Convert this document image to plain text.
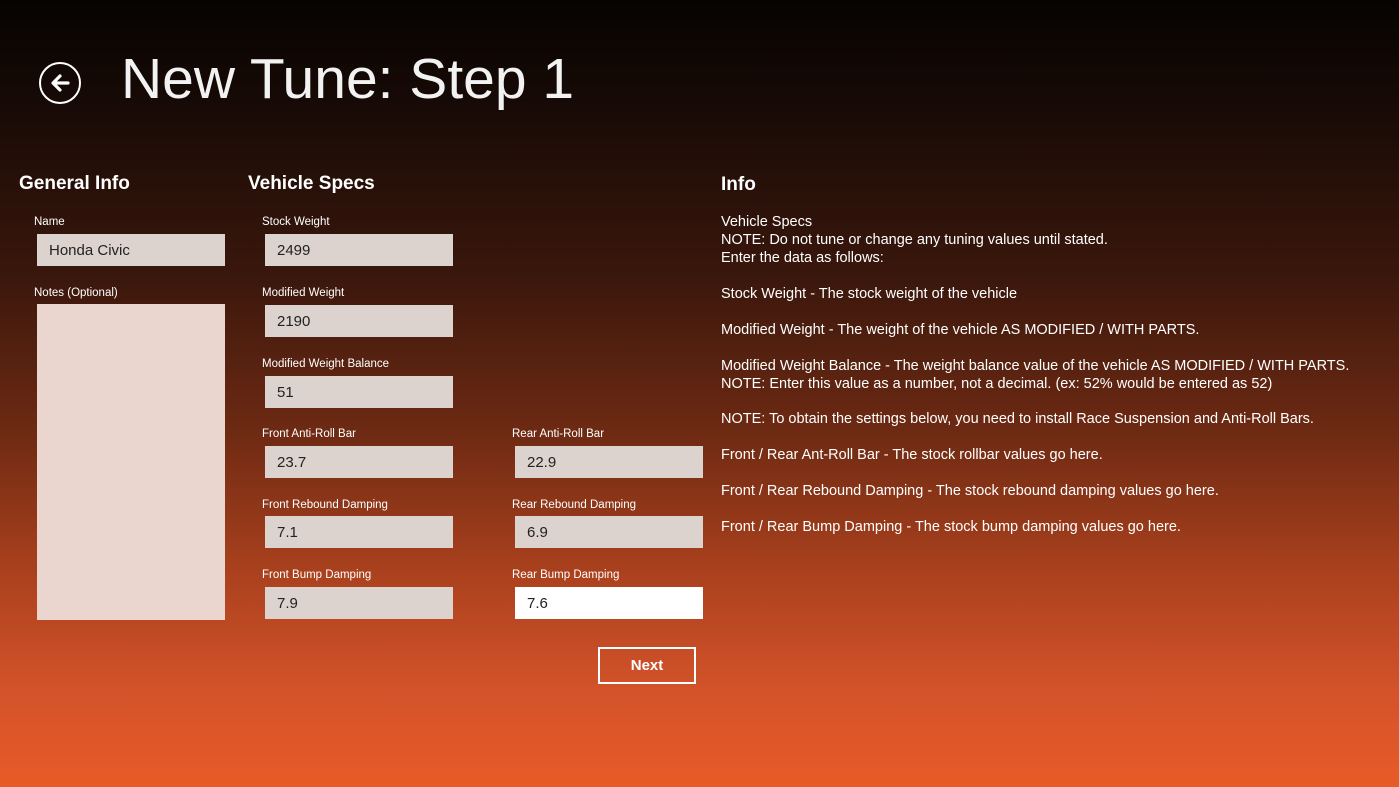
New Tune: Step 1
General Info
Name
Honda Civic
Notes (Optional)
Vehicle Specs
Stock Weight
2499
Modified Weight
2190
Modified Weight Balance
51
Front Anti-Roll Bar
23.7	Rear Anti-Roll Bar
22.9
Front Rebound Damping
7.1	Rear Rebound Damping
6.9
Front Bump Damping
7.9	Rear Bump Damping
7.6
Next
Info
Vehicle Specs
NOTE: Do not tune or change any tuning values until stated.
Enter the data as follows:
Stock Weight - The stock weight of the vehicle
Modified Weight - The weight of the vehicle AS MODIFIED / WITH PARTS.
Modified Weight Balance - The weight balance value of the vehicle AS MODIFIED / WITH PARTS.
NOTE: Enter this value as a number, not a decimal. (ex: 52% would be entered as 52)
NOTE: To obtain the settings below, you need to install Race Suspension and Anti-Roll Bars.
Front / Rear Ant-Roll Bar - The stock rollbar values go here.
Front / Rear Rebound Damping - The stock rebound damping values go here.
Front / Rear Bump Damping - The stock bump damping values go here.
